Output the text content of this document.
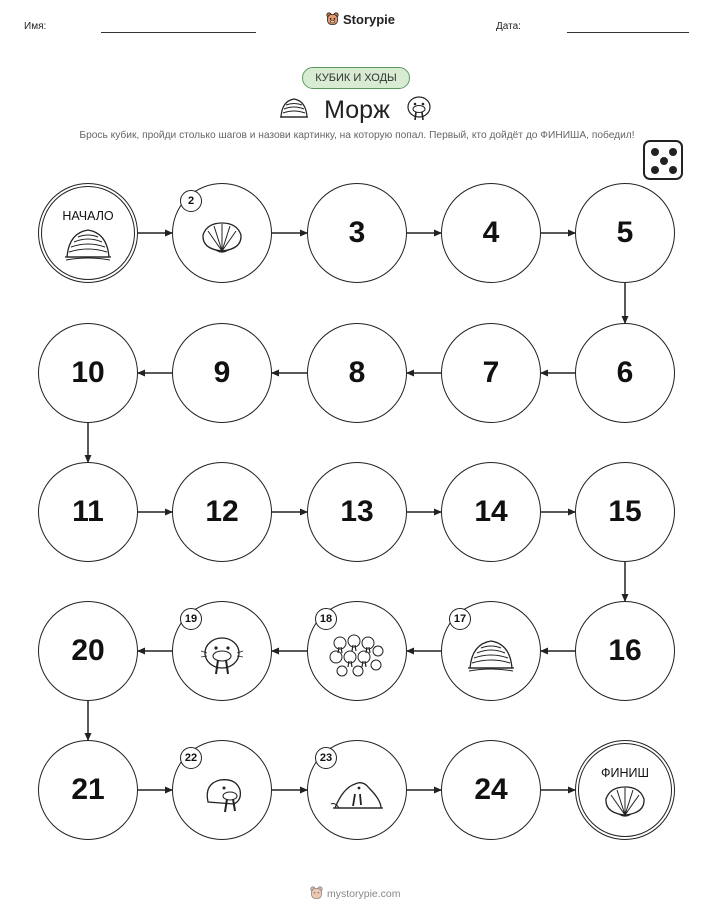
Имя:	Storypie	Дата:
КУБИК И ХОДЫ
Морж
Брось кубик, пройди столько шагов и назови картинку, на которую попал. Первый, кто дойдёт до ФИНИША, победил!
НАЧАЛО
2
3	4	5
6
7
8
9
10
11	12	13	14	15
16
17
18
19
20
21
22	23
24	ФИНИШ
mystorypie.com
